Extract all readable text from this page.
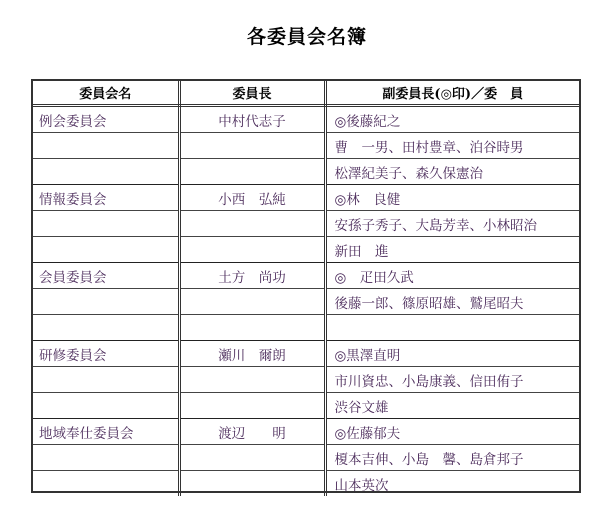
各委員会名簿
委員会名	委員長	副委員長(◎印)／委　員
例会委員会	中村代志子	◎後藤紀之
		曹　一男、田村豊章、泊谷時男
		松澤紀美子、森久保憲治
情報委員会	小西　弘純	◎林　良健
		安孫子秀子、大島芳幸、小林昭治
		新田　進
会員委員会	土方　尚功	◎　疋田久武
		後藤一郎、篠原昭雄、鷲尾昭夫

研修委員会	瀬川　爾朗	◎黒澤直明
		市川資忠、小島康義、信田侑子
		渋谷文雄
地域奉仕委員会	渡辺　　明	◎佐藤郁夫
		榎本吉伸、小島　馨、島倉邦子
		山本英次
